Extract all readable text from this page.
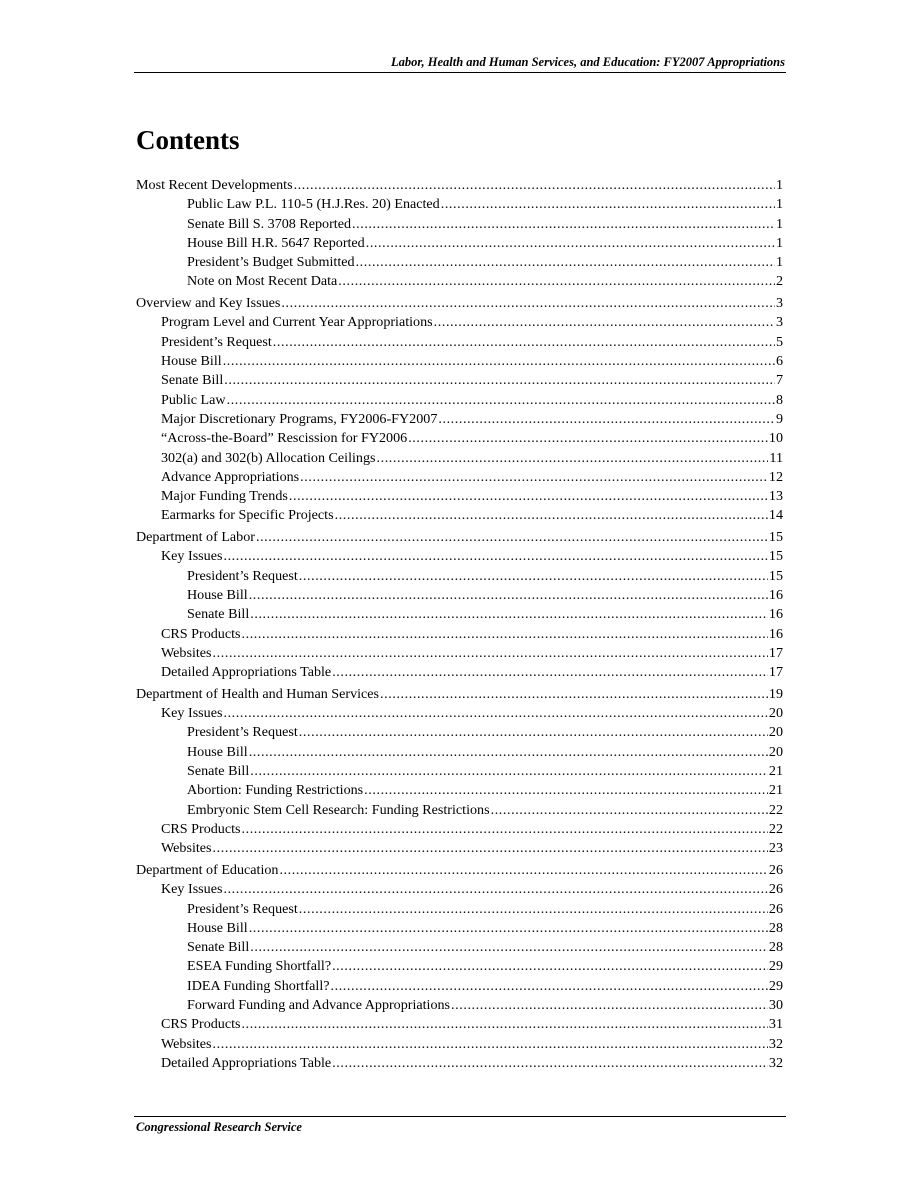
Labor, Health and Human Services, and Education: FY2007 Appropriations
Contents
Most Recent Developments .....	1
Public Law P.L. 110-5 (H.J.Res. 20) Enacted .....	1
Senate Bill S. 3708 Reported .....	1
House Bill H.R. 5647 Reported .....	1
President’s Budget Submitted .....	1
Note on Most Recent Data .....	2
Overview and Key Issues .....	3
Program Level and Current Year Appropriations .....	3
President’s Request .....	5
House Bill .....	6
Senate Bill .....	7
Public Law .....	8
Major Discretionary Programs, FY2006-FY2007 .....	9
“Across-the-Board” Rescission for FY2006 .....	10
302(a) and 302(b) Allocation Ceilings .....	11
Advance Appropriations .....	12
Major Funding Trends .....	13
Earmarks for Specific Projects .....	14
Department of Labor .....	15
Key Issues .....	15
President’s Request .....	15
House Bill .....	16
Senate Bill .....	16
CRS Products .....	16
Websites .....	17
Detailed Appropriations Table .....	17
Department of Health and Human Services .....	19
Key Issues .....	20
President’s Request .....	20
House Bill .....	20
Senate Bill .....	21
Abortion: Funding Restrictions .....	21
Embryonic Stem Cell Research: Funding Restrictions .....	22
CRS Products .....	22
Websites .....	23
Department of Education .....	26
Key Issues .....	26
President’s Request .....	26
House Bill .....	28
Senate Bill .....	28
ESEA Funding Shortfall? .....	29
IDEA Funding Shortfall? .....	29
Forward Funding and Advance Appropriations .....	30
CRS Products .....	31
Websites .....	32
Detailed Appropriations Table .....	32
Congressional Research Service
